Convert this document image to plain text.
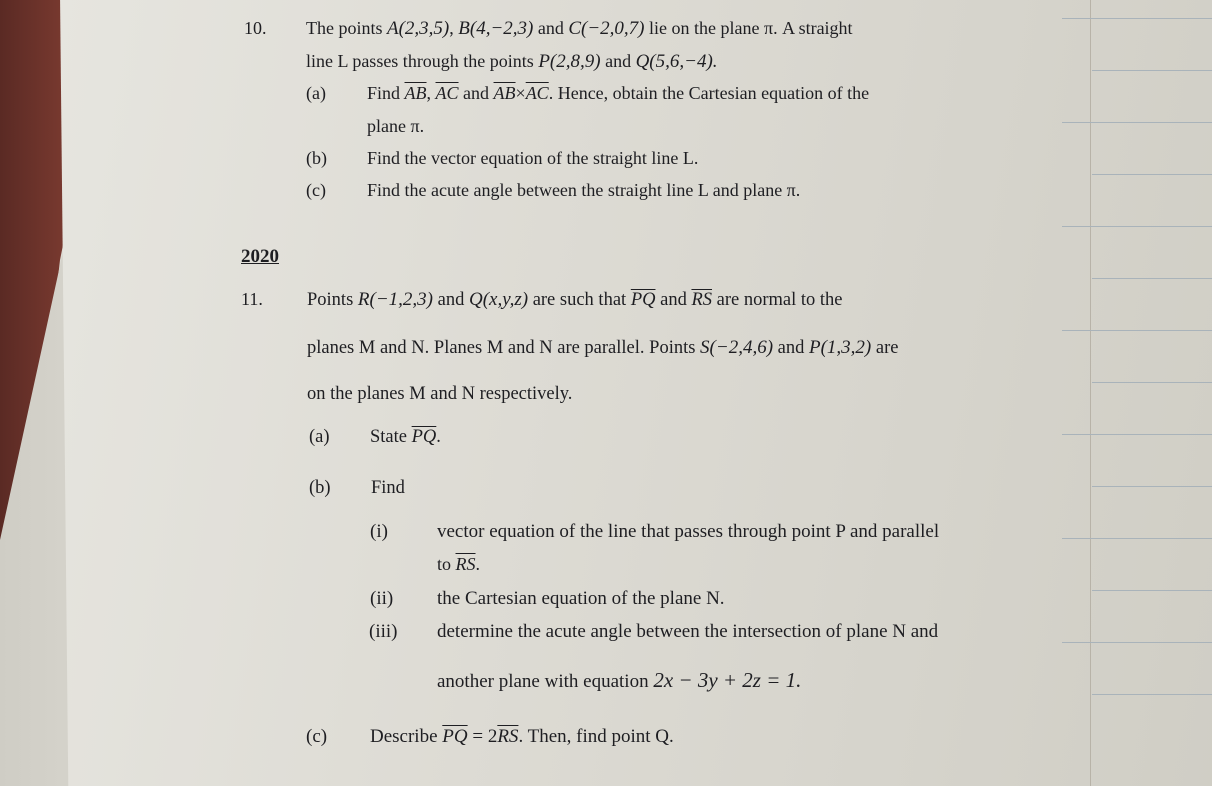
10. The points A(2,3,5), B(4,−2,3) and C(−2,0,7) lie on the plane π. A straight
line L passes through the points P(2,8,9) and Q(5,6,−4).
(a) Find $\overline{AB}$, $\overline{AC}$ and $\overline{AB}\times\overline{AC}$. Hence, obtain the Cartesian equation of the
plane π.
(b) Find the vector equation of the straight line L.
(c) Find the acute angle between the straight line L and plane π.
2020
11. Points R(−1,2,3) and Q(x,y,z) are such that $\overline{PQ}$ and $\overline{RS}$ are normal to the
planes M and N. Planes M and N are parallel. Points S(−2,4,6) and P(1,3,2) are
on the planes M and N respectively.
(a) State $\overline{PQ}$.
(b) Find
(i)	vector equation of the line that passes through point P and parallel
to $\overline{RS}$.
(ii) the Cartesian equation of the plane N.
(iii) determine the acute angle between the intersection of plane N and
another plane with equation 2x − 3y + 2z = 1.
(c) Describe $\overline{PQ} = 2\overline{RS}$. Then, find point Q.
